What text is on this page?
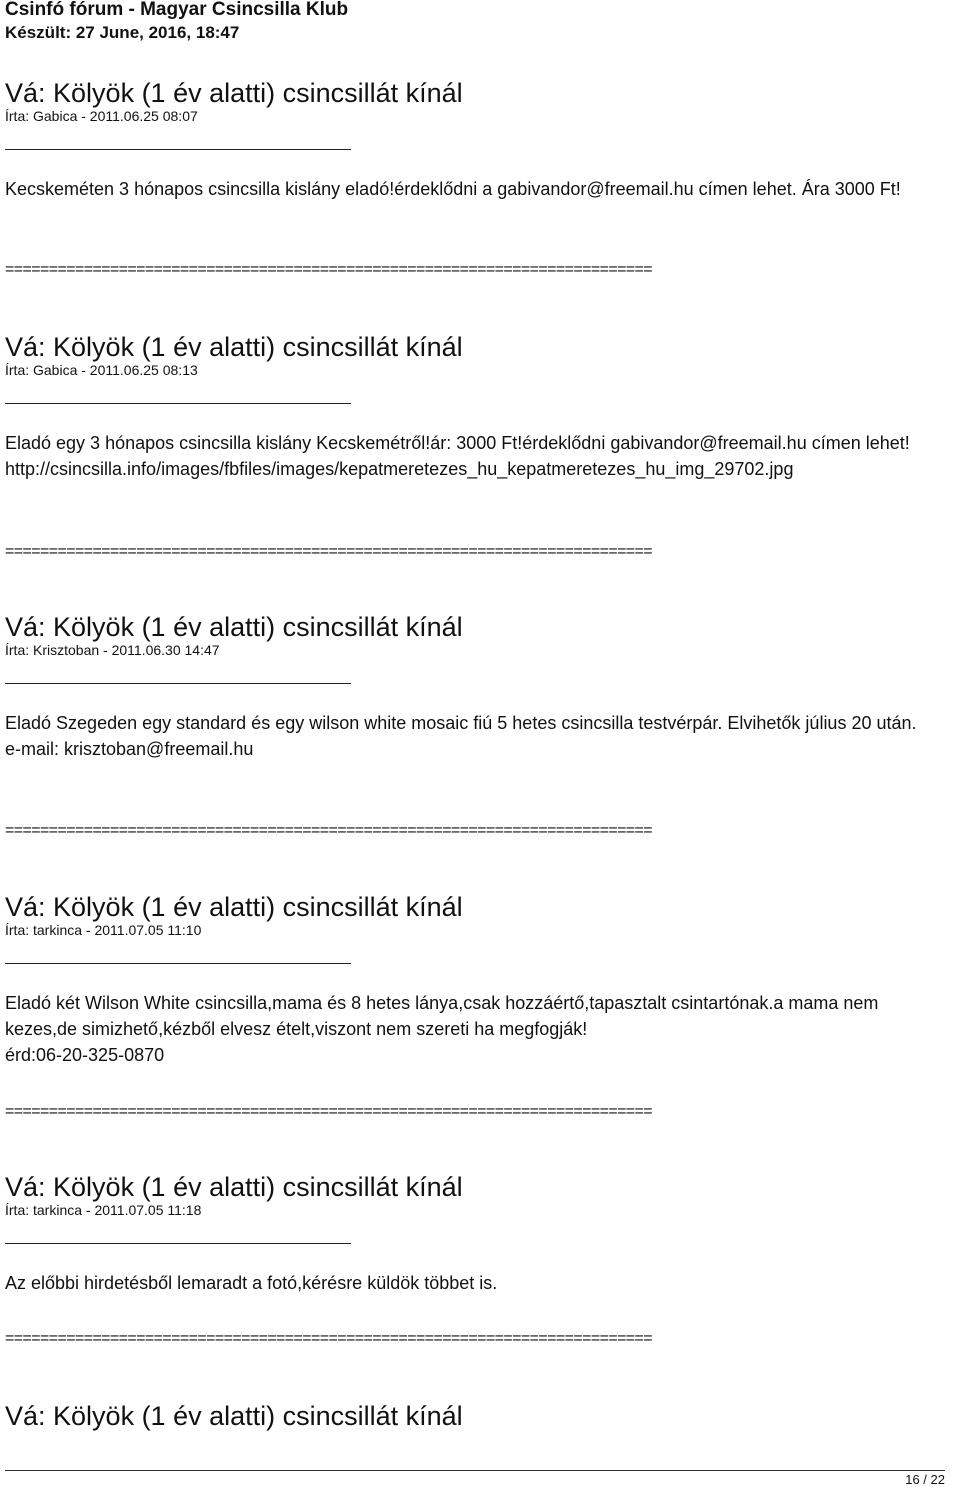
Csinfó fórum - Magyar Csincsilla Klub
Készült: 27 June, 2016, 18:47
Vá: Kölyök (1 év alatti) csincsillát kínál
Írta: Gabica - 2011.06.25 08:07

Kecskeméten 3 hónapos csincsilla kislány eladó!érdeklődni a gabivandor@freemail.hu címen lehet. Ára 3000 Ft!

==========================================================================
Vá: Kölyök (1 év alatti) csincsillát kínál
Írta: Gabica - 2011.06.25 08:13

Eladó egy 3 hónapos csincsilla kislány Kecskemétről!ár: 3000 Ft!érdeklődni gabivandor@freemail.hu címen lehet!

http://csincsilla.info/images/fbfiles/images/kepatmeretezes_hu_kepatmeretezes_hu_img_29702.jpg

==========================================================================
Vá: Kölyök (1 év alatti) csincsillát kínál
Írta: Krisztoban - 2011.06.30 14:47

Eladó Szegeden egy standard és egy wilson white mosaic fiú 5 hetes csincsilla testvérpár. Elvihetők július 20 után.

e-mail: krisztoban@freemail.hu

==========================================================================
Vá: Kölyök (1 év alatti) csincsillát kínál
Írta: tarkinca - 2011.07.05 11:10

Eladó két Wilson White csincsilla,mama és 8 hetes lánya,csak hozzáértő,tapasztalt csintartónak.a mama nem kezes,de simizhető,kézből elvesz ételt,viszont nem szereti ha megfogják!

érd:06-20-325-0870

==========================================================================
Vá: Kölyök (1 év alatti) csincsillát kínál
Írta: tarkinca - 2011.07.05 11:18

Az előbbi hirdetésből lemaradt a fotó,kérésre küldök többet is.

==========================================================================
Vá: Kölyök (1 év alatti) csincsillát kínál
16 / 22
